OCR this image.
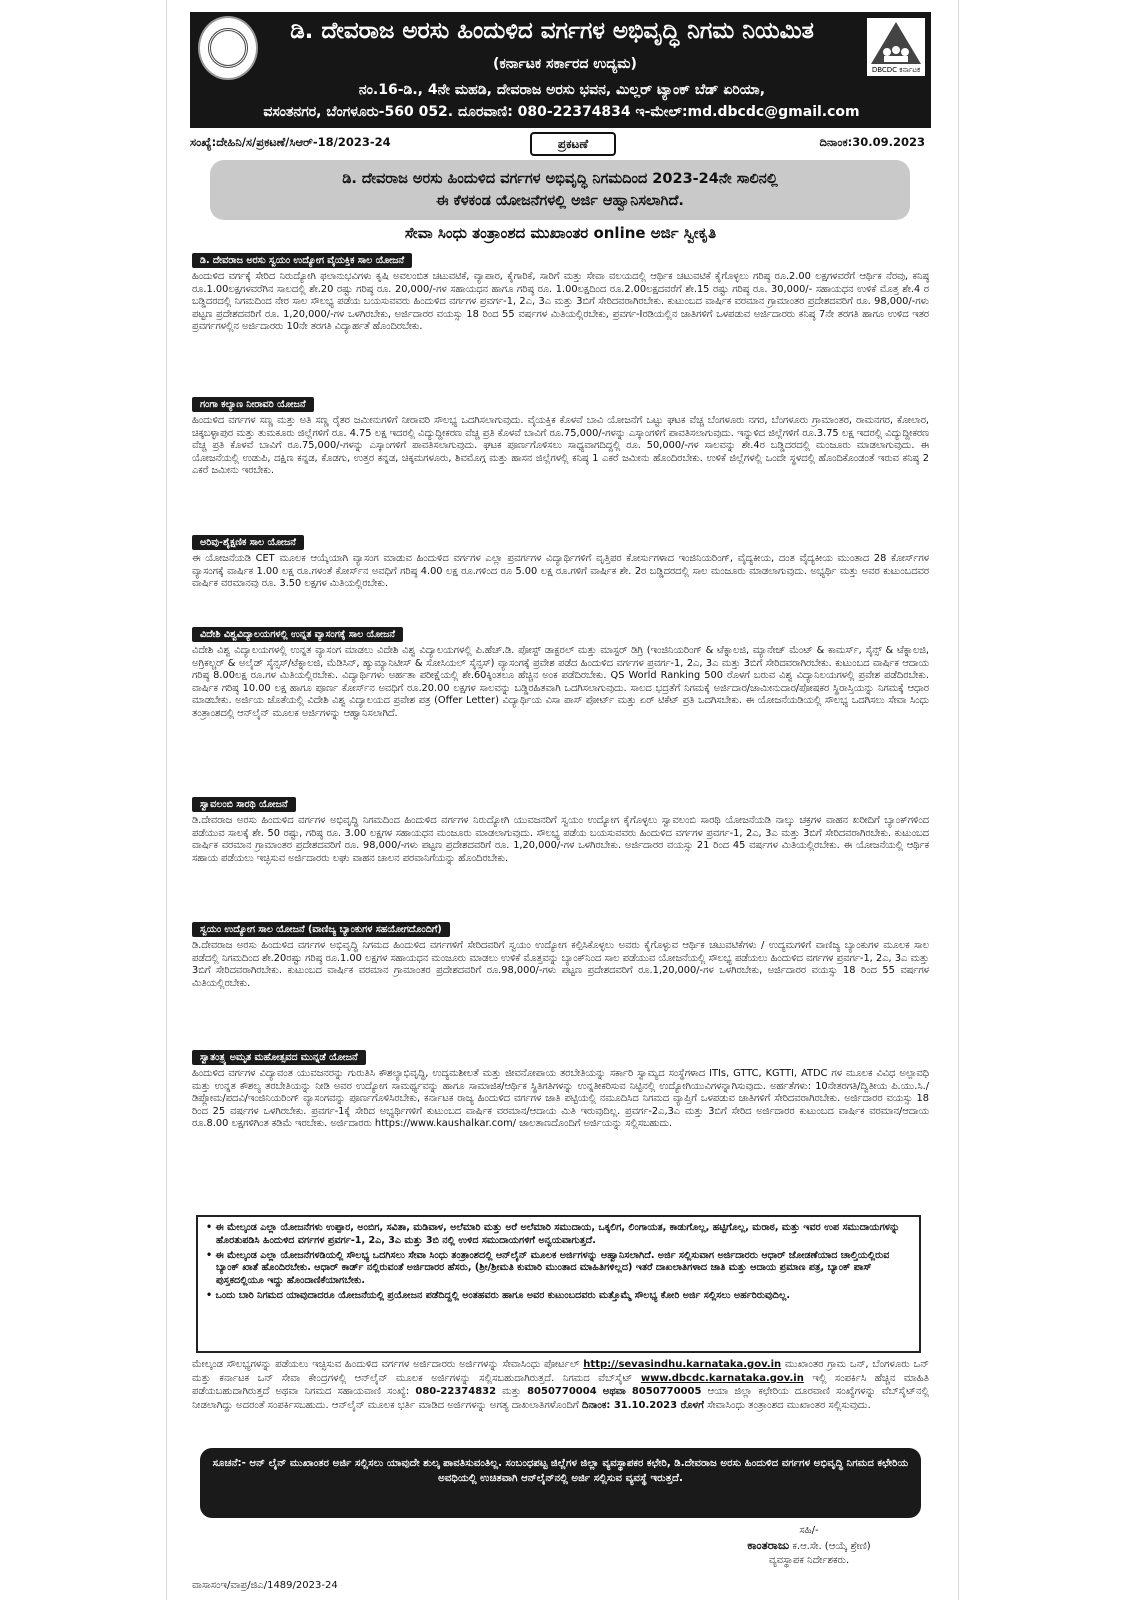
ಡಿ. ದೇವರಾಜ ಅರಸು ಹಿಂದುಳಿದ ವರ್ಗಗಳ ಅಭಿವೃದ್ಧಿ ನಿಗಮ ನಿಯಮಿತ
(ಕರ್ನಾಟಕ ಸರ್ಕಾರದ ಉದ್ಯಮ)
ನಂ.16-ಡಿ., 4ನೇ ಮಹಡಿ, ದೇವರಾಜ ಅರಸು ಭವನ, ಮಿಲ್ಲರ್ ಟ್ಯಾಂಕ್ ಬೆಡ್ ಏರಿಯಾ,
ವಸಂತನಗರ, ಬೆಂಗಳೂರು-560 052. ದೂರವಾಣಿ: 080-22374834 ಇ-ಮೇಲ್:md.dbcdc@gmail.com
DBCDC ಕರ್ನಾಟಕ
ಸಂಖ್ಯೆ:ದೇಹಿನಿ/ಸ/ಪ್ರಕಟಣೆ/ಸಿಆರ್-18/2023-24	ಪ್ರಕಟಣೆ	ದಿನಾಂಕ:30.09.2023
ಡಿ. ದೇವರಾಜ ಅರಸು ಹಿಂದುಳಿದ ವರ್ಗಗಳ ಅಭಿವೃದ್ಧಿ ನಿಗಮದಿಂದ 2023-24ನೇ ಸಾಲಿನಲ್ಲಿ
ಈ ಕೆಳಕಂಡ ಯೋಜನೆಗಳಲ್ಲಿ ಅರ್ಜಿ ಆಹ್ವಾನಿಸಲಾಗಿದೆ.
ಸೇವಾ ಸಿಂಧು ತಂತ್ರಾಂಶದ ಮುಖಾಂತರ online ಅರ್ಜಿ ಸ್ವೀಕೃತಿ
ಡಿ. ದೇವರಾಜ ಅರಸು ಸ್ವಯಂ ಉದ್ಯೋಗ ವೈಯಕ್ತಿಕ ಸಾಲ ಯೋಜನೆ
ಹಿಂದುಳಿದ ವರ್ಗಕ್ಕೆ ಸೇರಿದ ನಿರುದ್ಯೋಗಿ ಫಲಾನುಭವಿಗಳು ಕೃಷಿ ಅವಲಂಬಿತ ಚಟುವಟಿಕೆ, ವ್ಯಾಪಾರ, ಕೈಗಾರಿಕೆ, ಸಾರಿಗೆ ಮತ್ತು ಸೇವಾ ವಲಯದಲ್ಲಿ ಆರ್ಥಿಕ ಚಟುವಟಿಕೆ ಕೈಗೊಳ್ಳಲು ಗರಿಷ್ಠ ರೂ.2.00 ಲಕ್ಷಗಳವರೆಗೆ ಆರ್ಥಿಕ ನೆರವು, ಕನಿಷ್ಠ ರೂ.1.00ಲಕ್ಷಗಳವರೆಗಿನ ಸಾಲದಲ್ಲಿ ಶೇ.20 ರಷ್ಟು ಗರಿಷ್ಠ ರೂ. 20,000/-ಗಳ ಸಹಾಯಧನ ಹಾಗೂ ಗರಿಷ್ಠ ರೂ. 1.00ಲಕ್ಷದಿಂದ ರೂ.2.00ಲಕ್ಷದವರೆಗೆ ಶೇ.15 ರಷ್ಟು ಗರಿಷ್ಠ ರೂ. 30,000/- ಸಹಾಯಧನ ಉಳಿಕೆ ಮೊತ್ತ ಶೇ.4 ರ ಬಡ್ಡಿದರದಲ್ಲಿ ನಿಗಮದಿಂದ ನೇರ ಸಾಲ ಸೌಲಭ್ಯ ಪಡೆಯ ಬಯಸುವವರು ಹಿಂದುಳಿದ ವರ್ಗಗಳ ಪ್ರವರ್ಗ-1, 2ಎ, 3ಎ ಮತ್ತು 3ಬಿಗೆ ಸೇರಿದವರಾಗಿರಬೇಕು. ಕುಟುಂಬದ ವಾರ್ಷಿಕ ವರಮಾನ ಗ್ರಾಮಾಂತರ ಪ್ರದೇಶದವರಿಗೆ ರೂ. 98,000/-ಗಳು ಪಟ್ಟಣ ಪ್ರದೇಶದವರಿಗೆ ರೂ. 1,20,000/-ಗಳ ಒಳಗಿರಬೇಕು, ಅರ್ಜಿದಾರರ ವಯಸ್ಸು 18 ರಿಂದ 55 ವರ್ಷಗಳ ಮಿತಿಯಲ್ಲಿರಬೇಕು, ಪ್ರವರ್ಗ-Iರಡಿಯಲ್ಲಿನ ಜಾತಿಗಳಿಗೆ ಒಳಪಡುವ ಅರ್ಜಿದಾರರು ಕನಿಷ್ಠ 7ನೇ ತರಗತಿ ಹಾಗೂ ಉಳಿದ ಇತರ ಪ್ರವರ್ಗಗಳಲ್ಲಿನ ಅರ್ಜಿದಾರರು 10ನೇ ತರಗತಿ ವಿದ್ಯಾರ್ಹತೆ ಹೊಂದಿರಬೇಕು.
ಗಂಗಾ ಕಲ್ಯಾಣ ನೀರಾವರಿ ಯೋಜನೆ
ಹಿಂದುಳಿದ ವರ್ಗಗಳ ಸಣ್ಣ ಮತ್ತು ಅತಿ ಸಣ್ಣ ರೈತರ ಜಮೀನುಗಳಿಗೆ ನೀರಾವರಿ ಸೌಲಭ್ಯ ಒದಗಿಸಲಾಗುವುದು. ವೈಯಕ್ತಿಕ ಕೊಳವೆ ಬಾವಿ ಯೋಜನೆಗೆ ಒಟ್ಟು ಘಟಕ ವೆಚ್ಚ ಬೆಂಗಳೂರು ನಗರ, ಬೆಂಗಳೂರು ಗ್ರಾಮಾಂತರ, ರಾಮನಗರ, ಕೋಲಾರ, ಚಿಕ್ಕಬಳ್ಳಾಪುರ ಮತ್ತು ತುಮಕೂರು ಜಿಲ್ಲೆಗಳಿಗೆ ರೂ. 4.75 ಲಕ್ಷ ಇದರಲ್ಲಿ ವಿದ್ಯುದ್ದೀಕರಣ ವೆಚ್ಚ ಪ್ರತಿ ಕೊಳವೆ ಬಾವಿಗೆ ರೂ.75,000/-ಗಳನ್ನು ಎಸ್ಕಾಂಗಳಿಗೆ ಪಾವತಿಸಲಾಗುವುದು. ಇನ್ನುಳಿದ ಜಿಲ್ಲೆಗಳಿಗೆ ರೂ.3.75 ಲಕ್ಷ ಇದರಲ್ಲಿ ವಿದ್ಯುದ್ದೀಕರಣ ವೆಚ್ಚ ಪ್ರತಿ ಕೊಳವೆ ಬಾವಿಗೆ ರೂ.75,000/-ಗಳನ್ನು ಎಸ್ಕಾಂಗಳಿಗೆ ಪಾವತಿಸಲಾಗುವುದು. ಘಟಕ ಪೂರ್ಣಗೊಳಿಸಲು ಸಾಧ್ಯವಾಗದಿದ್ದಲ್ಲಿ ರೂ. 50,000/-ಗಳ ಸಾಲವನ್ನು ಶೇ.4ರ ಬಡ್ಡಿದರದಲ್ಲಿ ಮಂಜೂರು ಮಾಡಲಾಗುವುದು. ಈ ಯೋಜನೆಯಲ್ಲಿ ಉಡುಪಿ, ದಕ್ಷಿಣ ಕನ್ನಡ, ಕೊಡಗು, ಉತ್ತರ ಕನ್ನಡ, ಚಿಕ್ಕಮಗಳೂರು, ಶಿವಮೊಗ್ಗ ಮತ್ತು ಹಾಸನ ಜಿಲ್ಲೆಗಳಲ್ಲಿ ಕನಿಷ್ಠ 1 ಎಕರೆ ಜಮೀನು ಹೊಂದಿರಬೇಕು. ಉಳಿಕೆ ಜಿಲ್ಲೆಗಳಲ್ಲಿ ಒಂದೇ ಸ್ಥಳದಲ್ಲಿ ಹೊಂದಿಕೊಂಡಂತೆ ಇರುವ ಕನಿಷ್ಠ 2 ಎಕರೆ ಜಮೀನು ಇರಬೇಕು.
ಅರಿವು-ಶೈಕ್ಷಣಿಕ ಸಾಲ ಯೋಜನೆ
ಈ ಯೋಜನೆಯಡಿ CET ಮೂಲಕ ಆಯ್ಕೆಯಾಗಿ ವ್ಯಾಸಂಗ ಮಾಡುವ ಹಿಂದುಳಿದ ವರ್ಗಗಳ ಎಲ್ಲಾ ಪ್ರವರ್ಗಗಳ ವಿದ್ಯಾರ್ಥಿಗಳಿಗೆ ವೃತ್ತಿಪರ ಕೋರ್ಸುಗಳಾದ ಇಂಜಿನಿಯರಿಂಗ್, ವೈದ್ಯಕೀಯ, ದಂತ ವೈದ್ಯಕೀಯ ಮುಂತಾದ 28 ಕೋರ್ಸ್‌ಗಳ ವ್ಯಾಸಂಗಕ್ಕೆ ವಾರ್ಷಿಕ 1.00 ಲಕ್ಷ ರೂ.ಗಳಂತೆ ಕೋರ್ಸ್‌ನ ಅವಧಿಗೆ ಗರಿಷ್ಠ 4.00 ಲಕ್ಷ ರೂ.ಗಳಿಂದ ರೂ 5.00 ಲಕ್ಷ ರೂ.ಗಳಿಗೆ ವಾರ್ಷಿಕ ಶೇ. 2ರ ಬಡ್ಡಿದರದಲ್ಲಿ ಸಾಲ ಮಂಜೂರು ಮಾಡಲಾಗುವುದು. ಅಭ್ಯರ್ಥಿ ಮತ್ತು ಅವರ ಕುಟುಂಬದವರ ವಾರ್ಷಿಕ ವರಮಾನವು ರೂ. 3.50 ಲಕ್ಷಗಳ ಮಿತಿಯಲ್ಲಿರಬೇಕು.
ವಿದೇಶಿ ವಿಶ್ವವಿದ್ಯಾಲಯಗಳಲ್ಲಿ ಉನ್ನತ ವ್ಯಾಸಂಗಕ್ಕೆ ಸಾಲ ಯೋಜನೆ
ವಿದೇಶಿ ವಿಶ್ವ ವಿದ್ಯಾಲಯಗಳಲ್ಲಿ ಉನ್ನತ ವ್ಯಾಸಂಗ ಮಾಡಲು ವಿದೇಶಿ ವಿಶ್ವ ವಿದ್ಯಾಲಯಗಳಲ್ಲಿ ಪಿ.ಹೆಚ್.ಡಿ. ಪೋಸ್ಟ್ ಡಾಕ್ಟರಲ್ ಮತ್ತು ಮಾಸ್ಟರ್ ಡಿಗ್ರಿ (ಇಂಜಿನಿಯರಿಂಗ್ & ಟೆಕ್ನಾಲಜಿ, ಮ್ಯಾನೇಜ್ ಮೆಂಟ್ & ಕಾಮರ್ಸ್, ಸೈನ್ಸ್ & ಟೆಕ್ನಾಲಜಿ, ಅಗ್ರಿಕಲ್ಚರ್ & ಅಲೈಡ್ ಸೈನ್ಸಸ್/ಟೆಕ್ನಾಲಜಿ, ಮೆಡಿಸಿನ್, ಹ್ಯುಮ್ಯಾನಿಟೀಸ್ & ಸೋಸಿಯಲ್ ಸೈನ್ಸಸ್) ವ್ಯಾಸಂಗಕ್ಕೆ ಪ್ರವೇಶ ಪಡೆದ ಹಿಂದುಳಿದ ವರ್ಗಗಳ ಪ್ರವರ್ಗ-1, 2ಎ, 3ಎ ಮತ್ತು 3ಬಿಗೆ ಸೇರಿದವರಾಗಿರಬೇಕು. ಕುಟುಂಬದ ವಾರ್ಷಿಕ ಆದಾಯ ಗರಿಷ್ಠ 8.00ಲಕ್ಷ ರೂ.ಗಳ ಮಿತಿಯಲ್ಲಿರಬೇಕು. ವಿದ್ಯಾರ್ಥಿಗಳು ಅರ್ಹತಾ ಪರೀಕ್ಷೆಯಲ್ಲಿ ಶೇ.60ಕ್ಕಿಂತಲೂ ಹೆಚ್ಚಿನ ಅಂಕ ಪಡೆದಿರಬೇಕು. QS World Ranking 500 ರೊಳಗೆ ಬರುವ ವಿಶ್ವ ವಿದ್ಯಾನಿಲಯಗಳಲ್ಲಿ ಪ್ರವೇಶ ಪಡೆದಿರಬೇಕು. ವಾರ್ಷಿಕ ಗರಿಷ್ಠ 10.00 ಲಕ್ಷ ಹಾಗೂ ಪೂರ್ಣ ಕೋರ್ಸ್‌ನ ಅವಧಿಗೆ ರೂ.20.00 ಲಕ್ಷಗಳ ಸಾಲವನ್ನು ಬಡ್ಡಿರಹಿತವಾಗಿ ಒದಗಿಸಲಾಗುವುದು. ಸಾಲದ ಭದ್ರತೆಗೆ ನಿಗಮಕ್ಕೆ ಅರ್ಜಿದಾರ/ಜಾಮೀನುದಾರ/ಪೋಷಕರ ಸ್ಥಿರಾಸ್ತಿಯನ್ನು ನಿಗಮಕ್ಕೆ ಆಧಾರ ಮಾಡಬೇಕು. ಅರ್ಜಿಯ ಜೊತೆಯಲ್ಲಿ ವಿದೇಶಿ ವಿಶ್ವ ವಿದ್ಯಾಲಯದ ಪ್ರವೇಶ ಪತ್ರ (Offer Letter) ವಿದ್ಯಾರ್ಥಿಯ ವಿಸಾ ಪಾಸ್ ಪೋರ್ಟ್ ಮತ್ತು ಏರ್ ಟಿಕೆಟ್ ಪ್ರತಿ ಒದಗಿಸಬೇಕು. ಈ ಯೋಜನೆಯಡಿಯಲ್ಲಿ ಸೌಲಭ್ಯ ಒದಗಿಸಲು ಸೇವಾ ಸಿಂಧು ತಂತ್ರಾಂಶದಲ್ಲಿ ಆನ್‌ಲೈನ್ ಮೂಲಕ ಅರ್ಜಿಗಳನ್ನು ಆಹ್ವಾನಿಸಲಾಗಿದೆ.
ಸ್ವಾವಲಂಬಿ ಸಾರಥಿ ಯೋಜನೆ
ಡಿ.ದೇವರಾಜ ಅರಸು ಹಿಂದುಳಿದ ವರ್ಗಗಳ ಅಭಿವೃದ್ಧಿ ನಿಗಮದಿಂದ ಹಿಂದುಳಿದ ವರ್ಗಗಳ ನಿರುದ್ಯೋಗಿ ಯುವಜನರಿಗೆ ಸ್ವಯಂ ಉದ್ಯೋಗ ಕೈಗೊಳ್ಳಲು ಸ್ವಾವಲಂಬಿ ಸಾರಥಿ ಯೋಜನೆಯಡಿ ನಾಲ್ಕು ಚಕ್ರಗಳ ವಾಹನ ಖರೀದಿಗೆ ಬ್ಯಾಂಕ್‌ಗಳಿಂದ ಪಡೆಯುವ ಸಾಲಕ್ಕೆ ಶೇ. 50 ರಷ್ಟು, ಗರಿಷ್ಠ ರೂ. 3.00 ಲಕ್ಷಗಳ ಸಹಾಯಧನ ಮಂಜೂರು ಮಾಡಲಾಗುವುದು. ಸೌಲಭ್ಯ ಪಡೆಯ ಬಯಸುವವರು ಹಿಂದುಳಿದ ವರ್ಗಗಳ ಪ್ರವರ್ಗ-1, 2ಎ, 3ಎ ಮತ್ತು 3ಬಿಗೆ ಸೇರಿದವರಾಗಿರಬೇಕು. ಕುಟುಂಬದ ವಾರ್ಷಿಕ ವರಮಾನ ಗ್ರಾಮಾಂತರ ಪ್ರದೇಶದವರಿಗೆ ರೂ. 98,000/-ಗಳು ಪಟ್ಟಣ ಪ್ರದೇಶದವರಿಗೆ ರೂ. 1,20,000/-ಗಳ ಒಳಗಿರಬೇಕು. ಅರ್ಜಿದಾರರ ವಯಸ್ಸು 21 ರಿಂದ 45 ವರ್ಷಗಳ ಮಿತಿಯಲ್ಲಿರಬೇಕು. ಈ ಯೋಜನೆಯಲ್ಲಿ ಆರ್ಥಿಕ ಸಹಾಯ ಪಡೆಯಲು ಇಚ್ಛಿಸುವ ಅರ್ಜಿದಾರರು ಲಘು ವಾಹನ ಚಾಲನ ಪರವಾನಿಗೆಯನ್ನು ಹೊಂದಿರಬೇಕು.
ಸ್ವಯಂ ಉದ್ಯೋಗ ಸಾಲ ಯೋಜನೆ (ವಾಣಿಜ್ಯ ಬ್ಯಾಂಕುಗಳ ಸಹಯೋಗದೊಂದಿಗೆ)
ಡಿ.ದೇವರಾಜ ಅರಸು ಹಿಂದುಳಿದ ವರ್ಗಗಳ ಅಭಿವೃದ್ಧಿ ನಿಗಮದ ಹಿಂದುಳಿದ ವರ್ಗಗಳಿಗೆ ಸೇರಿದವರಿಗೆ ಸ್ವಯಂ ಉದ್ಯೋಗ ಕಲ್ಪಿಸಿಕೊಳ್ಳಲು ಅವರು ಕೈಗೊಳ್ಳುವ ಆರ್ಥಿಕ ಚಟುವಟಿಕೆಗಳು / ಉದ್ಯಮಗಳಿಗೆ ವಾಣಿಜ್ಯ ಬ್ಯಾಂಕುಗಳ ಮೂಲಕ ಸಾಲ ಪಡೆದಲ್ಲಿ ನಿಗಮದಿಂದ ಶೇ.20ರಷ್ಟು ಗರಿಷ್ಠ ರೂ.1.00 ಲಕ್ಷಗಳ ಸಹಾಯಧನ ಮಂಜೂರು ಮಾಡಲು ಉಳಿಕೆ ಮೊತ್ತವನ್ನು ಬ್ಯಾಂಕ್‌ನಿಂದ ಸಾಲ ಪಡೆಯುವ ಯೋಜನೆಯಲ್ಲಿ ಸೌಲಭ್ಯ ಪಡೆಯಲು ಹಿಂದುಳಿದ ವರ್ಗಗಳ ಪ್ರವರ್ಗ-1, 2ಎ, 3ಎ ಮತ್ತು 3ಬಿಗೆ ಸೇರಿದವರಾಗಿರಬೇಕು. ಕುಟುಂಬದ ವಾರ್ಷಿಕ ವರಮಾನ ಗ್ರಾಮಾಂತರ ಪ್ರದೇಶದವರಿಗೆ ರೂ.98,000/-ಗಳು ಪಟ್ಟಣ ಪ್ರದೇಶದವರಿಗೆ ರೂ.1,20,000/-ಗಳ ಒಳಗಿರಬೇಕು, ಅರ್ಜಿದಾರರ ವಯಸ್ಸು 18 ರಿಂದ 55 ವರ್ಷಗಳ ಮಿತಿಯಲ್ಲಿರಬೇಕು.
ಸ್ವಾತಂತ್ರ್ಯ ಅಮೃತ ಮಹೋತ್ಸವದ ಮುನ್ನಡೆ ಯೋಜನೆ
ಹಿಂದುಳಿದ ವರ್ಗಗಳ ವಿದ್ಯಾವಂತ ಯುವಜನರನ್ನು ಗುರುತಿಸಿ ಕೌಶಲ್ಯಾಭಿವೃದ್ಧಿ, ಉದ್ಯಮಶೀಲತೆ ಮತ್ತು ಜೀವನೋಪಾಯ ತರಬೇತಿಯನ್ನು ಸರ್ಕಾರಿ ಸ್ವಾಮ್ಯದ ಸಂಸ್ಥೆಗಳಾದ ITIs, GTTC, KGTTI, ATDC ಗಳ ಮೂಲಕ ವಿವಿಧ ಅಲ್ಪಾವಧಿ ಮತ್ತು ಉನ್ನತ ಕೌಶಲ್ಯ ತರಬೇತಿಯನ್ನು ನೀಡಿ ಅವರ ಉದ್ಯೋಗ ಸಾಮರ್ಥ್ಯವನ್ನು ಹಾಗೂ ಸಾಮಾಜಿಕ/ಆರ್ಥಿಕ ಸ್ಥಿತಿಗತಿಗಳನ್ನು ಉನ್ನತೀಕರಿಸುವ ನಿಟ್ಟಿನಲ್ಲಿ ಉದ್ಯೋಗಿಯುವಿಗಳನ್ನಾಗಿಸುವುದು. ಅರ್ಹತೆಗಳು: 10ನೇತರಗತಿ/ದ್ವಿತೀಯ ಪಿ.ಯು.ಸಿ./ಡಿಪ್ಲೋಮ/ಪದವಿ/ಇಂಜಿನಿಯರಿಂಗ್ ವ್ಯಾಸಂಗವನ್ನು ಪೂರ್ಣಗೊಳಿಸಿರಬೇಕು, ಕರ್ನಾಟಕ ರಾಜ್ಯ ಹಿಂದುಳಿದ ವರ್ಗಗಳ ಜಾತಿ ಪಟ್ಟಿಯಲ್ಲಿ ನಮೂದಿಸಿದ ನಿಗಮದ ವ್ಯಾಪ್ತಿಗೆ ಒಳಪಡುವ ಜಾತಿಗಳಿಗೆ ಸೇರಿದವರಾಗಿರಬೇಕು. ಅರ್ಜಿದಾರರ ವಯಸ್ಸು 18 ರಿಂದ 25 ವರ್ಷಗಳ ಒಳಗಿರಬೇಕು. ಪ್ರವರ್ಗ-1ಕ್ಕೆ ಸೇರಿದ ಅಭ್ಯರ್ಥಿಗಳಿಗೆ ಕುಟುಂಬದ ವಾರ್ಷಿಕ ವರಮಾನ/ಆದಾಯ ಮಿತಿ ಇರುವುದಿಲ್ಲ. ಪ್ರವರ್ಗ-2ಎ,3ಎ ಮತ್ತು 3ಬಿಗೆ ಸೇರಿದ ಅರ್ಜಿದಾರರ ಕುಟುಂಬದ ವಾರ್ಷಿಕ ವರಮಾನ/ಆದಾಯ ರೂ.8.00 ಲಕ್ಷಗಳಿಗಿಂತ ಕಡಿಮೆ ಇರಬೇಕು. ಅರ್ಜಿದಾರರು https://www.kaushalkar.com/ ಜಾಲತಾಣದೊಂದಿಗೆ ಅರ್ಜಿಯನ್ನು ಸಲ್ಲಿಸಬಹುದು.
• ಈ ಮೇಲ್ಕಂಡ ಎಲ್ಲಾ ಯೋಜನೆಗಳು ಉಪ್ಪಾರ, ಅಂಬಿಗ, ಸವಿತಾ, ಮಡಿವಾಳ, ಅಲೆಮಾರಿ ಮತ್ತು ಅರೆ ಅಲೆಮಾರಿ ಸಮುದಾಯ, ಒಕ್ಕಲಿಗ, ಲಿಂಗಾಯತ, ಕಾಡುಗೊಲ್ಲ, ಹಟ್ಟಿಗೊಲ್ಲ, ಮರಾಠ, ಮತ್ತು ಇವರ ಉಪ ಸಮುದಾಯಗಳನ್ನು ಹೊರತುಪಡಿಸಿ ಹಿಂದುಳಿದ ವರ್ಗಗಳ ಪ್ರವರ್ಗ-1, 2ಎ, 3ಎ ಮತ್ತು 3ಬಿ ನಲ್ಲಿ ಉಳಿದ ಸಮುದಾಯಗಳಿಗೆ ಅನ್ವಯವಾಗುತ್ತದೆ.
• ಈ ಮೇಲ್ಕಂಡ ಎಲ್ಲಾ ಯೋಜನೆಗಳಡಿಯಲ್ಲಿ ಸೌಲಭ್ಯ ಒದಗಿಸಲು ಸೇವಾ ಸಿಂಧು ತಂತ್ರಾಂಶದಲ್ಲಿ ಆನ್‌ಲೈನ್ ಮೂಲಕ ಅರ್ಜಿಗಳನ್ನು ಆಹ್ವಾನಿಸಲಾಗಿದೆ. ಅರ್ಜಿ ಸಲ್ಲಿಸುವಾಗ ಅರ್ಜಿದಾರರು ಆಧಾರ್ ಜೋಡಣೆಯಾದ ಚಾಲ್ತಿಯಲ್ಲಿರುವ ಬ್ಯಾಂಕ್ ಖಾತೆ ಹೊಂದಿರಬೇಕು. ಆಧಾರ್ ಕಾರ್ಡ್ ನಲ್ಲಿರುವಂತೆ ಅರ್ಜಿದಾರರ ಹೆಸರು, (ಶ್ರೀ/ಶ್ರೀಮತಿ ಕುಮಾರಿ ಮುಂತಾದ ಮಾಹಿತಿಗಳಿಲ್ಲದ) ಇತರೆ ದಾಖಲಾತಿಗಳಾದ ಜಾತಿ ಮತ್ತು ಆದಾಯ ಪ್ರಮಾಣ ಪತ್ರ, ಬ್ಯಾಂಕ್ ಪಾಸ್ ಪುಸ್ತಕದಲ್ಲಿಯೂ ಇದ್ದು ಹೊಂದಾಣಿಕೆಯಾಗಬೇಕು.
• ಒಂದು ಬಾರಿ ನಿಗಮದ ಯಾವುದಾದರೂ ಯೋಜನೆಯಲ್ಲಿ ಪ್ರಯೋಜನ ಪಡೆದಿದ್ದಲ್ಲಿ ಅಂತಹವರು ಹಾಗೂ ಅವರ ಕುಟುಂಬದವರು ಮತ್ತೊಮ್ಮೆ ಸೌಲಭ್ಯ ಕೋರಿ ಅರ್ಜಿ ಸಲ್ಲಿಸಲು ಅರ್ಹರಿರುವುದಿಲ್ಲ.
ಮೇಲ್ಕಂಡ ಸೌಲಭ್ಯಗಳನ್ನು ಪಡೆಯಲು ಇಚ್ಛಿಸುವ ಹಿಂದುಳಿದ ವರ್ಗಗಳ ಅರ್ಜಿದಾರರು ಅರ್ಜಿಗಳನ್ನು ಸೇವಾಸಿಂಧು ಪೋರ್ಟಲ್ http://sevasindhu.karnataka.gov.in ಮುಖಾಂತರ ಗ್ರಾಮ ಒನ್, ಬೆಂಗಳೂರು ಒನ್ ಮತ್ತು ಕರ್ನಾಟಕ ಒನ್ ಸೇವಾ ಕೇಂದ್ರಗಳಲ್ಲಿ ಆನ್‌ಲೈನ್ ಮೂಲಕ ಅರ್ಜಿಗಳನ್ನು ಸಲ್ಲಿಸಬಹುದಾಗಿರುತ್ತದೆ. ನಿಗಮದ ವೆಬ್‌ಸೈಟ್ www.dbcdc.karnataka.gov.in ಇಲ್ಲಿ ಸಂಪರ್ಕಿಸಿ ಹೆಚ್ಚಿನ ಮಾಹಿತಿ ಪಡೆಯಬಹುದಾಗಿರುತ್ತದೆ ಅಥವಾ ನಿಗಮದ ಸಹಾಯವಾಣಿ ಸಂಖ್ಯೆ: 080-22374832 ಮತ್ತು 8050770004 ಅಥವಾ 8050770005 ಆಯಾ ಜಿಲ್ಲಾ ಕಛೇರಿಯ ದೂರವಾಣಿ ಸಂಖ್ಯೆಗಳನ್ನು ವೆಬ್‌ಸೈಟ್‌ನಲ್ಲಿ ನೀಡಲಾಗಿದ್ದು ಅದರಂತೆ ಸಂಪರ್ಕಿಸಬಹುದು. ಆನ್‌ಲೈನ್ ಮೂಲಕ ಭರ್ತಿ ಮಾಡಿದ ಅರ್ಜಿಗಳನ್ನು ಅಗತ್ಯ ದಾಖಲಾತಿಗಳೊಂದಿಗೆ ದಿನಾಂಕ: 31.10.2023 ರೊಳಗೆ ಸೇವಾಸಿಂಧು ತಂತ್ರಾಂಶದ ಮುಖಾಂತರ ಸಲ್ಲಿಸುವುದು.
ಸೂಚನೆ:- ಆನ್ ಲೈನ್ ಮುಖಾಂತರ ಅರ್ಜಿ ಸಲ್ಲಿಸಲು ಯಾವುದೇ ಶುಲ್ಕ ಪಾವತಿಸುವಂತಿಲ್ಲ. ಸಂಬಂಧಪಟ್ಟ ಜಿಲ್ಲೆಗಳ ಜಿಲ್ಲಾ ವ್ಯವಸ್ಥಾಪಕರ ಕಛೇರಿ, ಡಿ.ದೇವರಾಜ ಅರಸು ಹಿಂದುಳಿದ ವರ್ಗಗಳ ಅಭಿವೃದ್ಧಿ ನಿಗಮದ ಕಛೇರಿಯ ಅವಧಿಯಲ್ಲಿ ಉಚಿತವಾಗಿ ಆನ್‌ಲೈನ್‌ನಲ್ಲಿ ಅರ್ಜಿ ಸಲ್ಲಿಸುವ ವ್ಯವಸ್ಥೆ ಇರುತ್ತದೆ.
ಸಹಿ/-
ಕಾಂತರಾಜು ಕ.ಆ.ಸೇ. (ಆಯ್ಕೆ ಶ್ರೇಣಿ)
ವ್ಯವಸ್ಥಾಪಕ ನಿರ್ದೇಶಕರು.
ವಾಸಾಸಂಇ/ವಾಪ್ರ/ಜಿಎ/1489/2023-24
